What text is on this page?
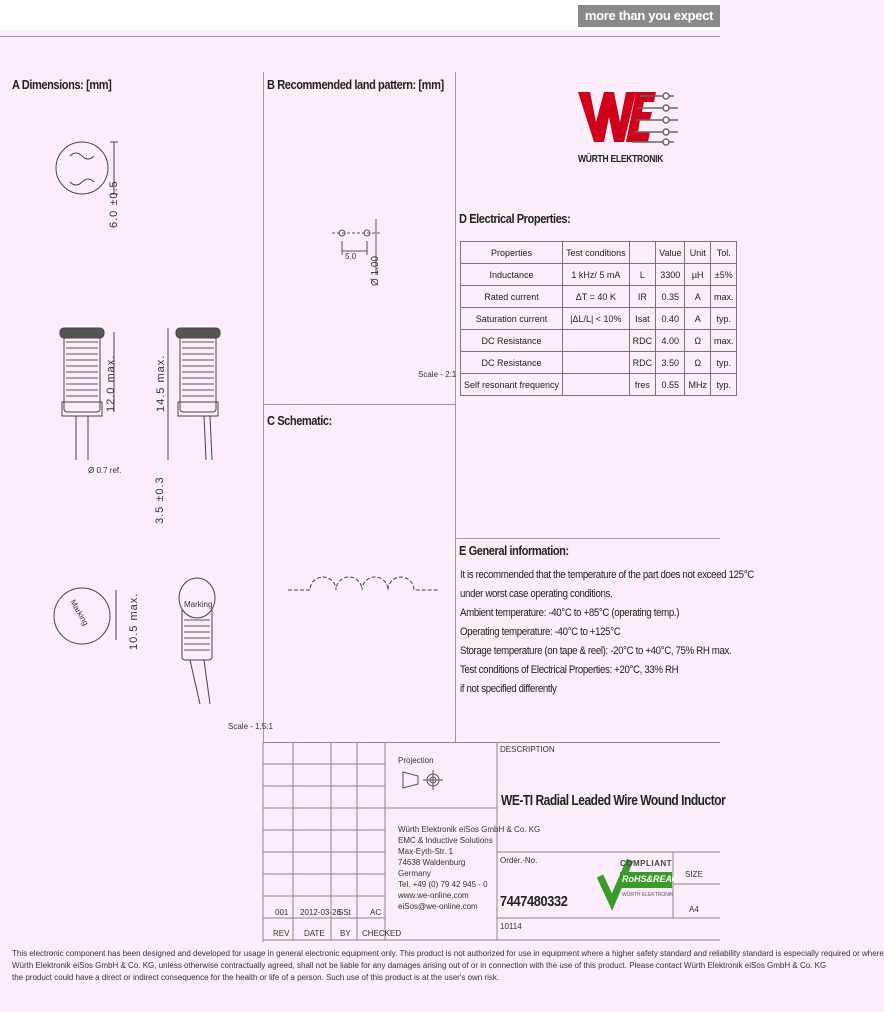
more than you expect
A Dimensions: [mm]	B Recommended land pattern: [mm]
C Schematic:
D Electrical Properties:
E General information:
WÜRTH ELEKTRONIK
6.0 ±0.5
12.0 max.	14.5 max.
Ø 0.7 ref.
3.5 ±0.3
10.5 max.
Marking	Marking
Scale - 1,5:1
5.0 Ø 1.00
Scale - 2:1
Properties	Test conditions		Value	Unit	Tol.
Inductance	1 kHz/ 5 mA	L	3300	µH	±5%
Rated current	ΔT = 40 K	IR	0.35	A	max.
Saturation current	|ΔL/L| < 10%	Isat	0.40	A	typ.
DC Resistance		RDC	4.00	Ω	max.
DC Resistance		RDC	3.50	Ω	typ.
Self resonant frequency		fres	0.55	MHz	typ.
It is recommended that the temperature of the part does not exceed 125°C
under worst case operating conditions.
Ambient temperature: -40°C to +85°C (operating temp.)
Operating temperature: -40°C to +125°C
Storage temperature (on tape & reel): -20°C to +40°C, 75% RH max.
Test conditions of Electrical Properties: +20°C, 33% RH
if not specified differently
Projection
DESCRIPTION
WE-TI Radial Leaded Wire Wound Inductor
Order.-No.
7447480332
SIZE
A4
10114
COMPLIANT
RoHS&REACh
WÜRTH ELEKTRONIK
Würth Elektronik eiSos GmbH & Co. KG
EMC & Inductive Solutions
Max-Eyth-Str. 1
74638 Waldenburg
Germany
Tel. +49 (0) 79 42 945 - 0
www.we-online.com
eiSos@we-online.com
001 2012-03-26
SSt AC
REV DATE BY CHECKED
This electronic component has been designed and developed for usage in general electronic equipment only. This product is not authorized for use in equipment where a higher safety standard and reliability standard is especially required or where
Würth Elektronik eiSos GmbH & Co. KG, unless otherwise contractually agreed, shall not be liable for any damages arising out of or in connection with the use of this product. Please contact Würth Elektronik eiSos GmbH & Co. KG
the product could have a direct or indirect consequence for the health or life of a person. Such use of this product is at the user's own risk.
